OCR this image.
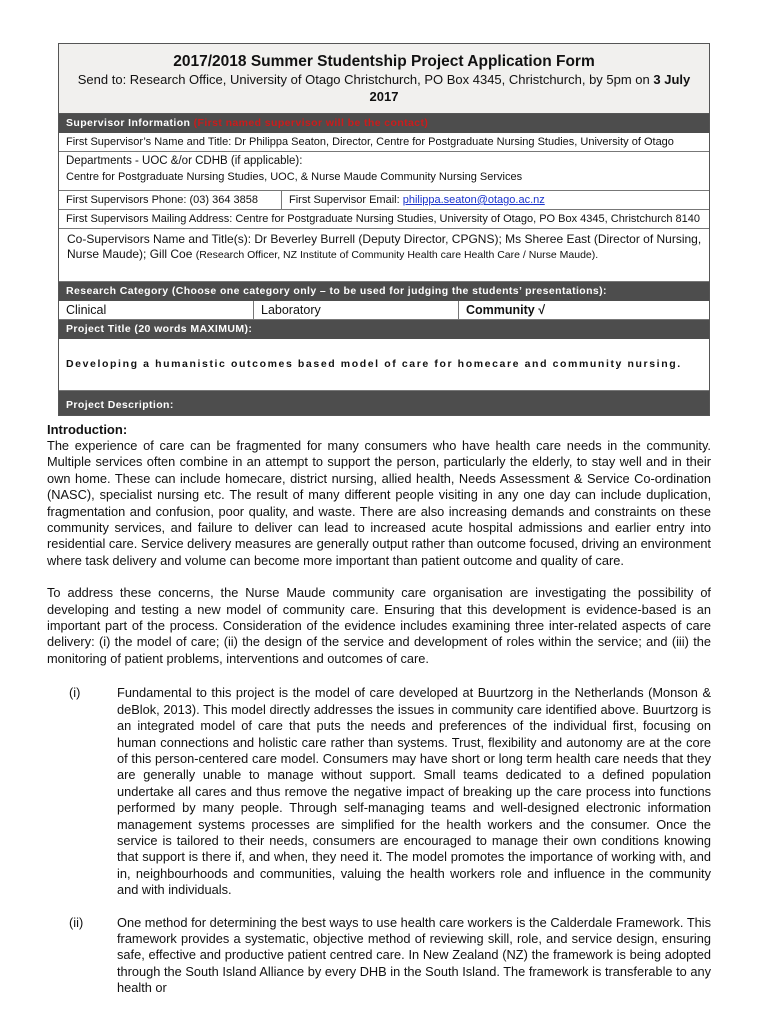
2017/2018 Summer Studentship Project Application Form
Send to: Research Office, University of Otago Christchurch, PO Box 4345, Christchurch, by 5pm on 3 July 2017
Supervisor Information (First named supervisor will be the contact)
First Supervisor’s Name and Title: Dr Philippa Seaton, Director, Centre for Postgraduate Nursing Studies, University of Otago
Departments - UOC &/or CDHB (if applicable):
Centre for Postgraduate Nursing Studies, UOC, & Nurse Maude Community Nursing Services
First Supervisors Phone: (03) 364 3858	First Supervisor Email: philippa.seaton@otago.ac.nz
First Supervisors Mailing Address: Centre for Postgraduate Nursing Studies, University of Otago, PO Box 4345, Christchurch 8140
Co-Supervisors Name and Title(s): Dr Beverley Burrell (Deputy Director, CPGNS); Ms Sheree East (Director of Nursing, Nurse Maude); Gill Coe (Research Officer, NZ Institute of Community Health care Health Care / Nurse Maude).
Research Category (Choose one category only – to be used for judging the students’ presentations):
Clinical	Laboratory	Community √
Project Title (20 words MAXIMUM):
Developing a humanistic outcomes based model of care for homecare and community nursing.
Project Description:
Introduction:

The experience of care can be fragmented for many consumers who have health care needs in the community. Multiple services often combine in an attempt to support the person, particularly the elderly, to stay well and in their own home. These can include homecare, district nursing, allied health, Needs Assessment & Service Co-ordination (NASC), specialist nursing etc. The result of many different people visiting in any one day can include duplication, fragmentation and confusion, poor quality, and waste. There are also increasing demands and constraints on these community services, and failure to deliver can lead to increased acute hospital admissions and earlier entry into residential care. Service delivery measures are generally output rather than outcome focused, driving an environment where task delivery and volume can become more important than patient outcome and quality of care.

To address these concerns, the Nurse Maude community care organisation are investigating the possibility of developing and testing a new model of community care. Ensuring that this development is evidence-based is an important part of the process. Consideration of the evidence includes examining three inter-related aspects of care delivery: (i) the model of care; (ii) the design of the service and development of roles within the service; and (iii) the monitoring of patient problems, interventions and outcomes of care.

(i)	Fundamental to this project is the model of care developed at Buurtzorg in the Netherlands (Monson & deBlok, 2013). This model directly addresses the issues in community care identified above. Buurtzorg is an integrated model of care that puts the needs and preferences of the individual first, focusing on human connections and holistic care rather than systems. Trust, flexibility and autonomy are at the core of this person-centered care model. Consumers may have short or long term health care needs that they are generally unable to manage without support. Small teams dedicated to a defined population undertake all cares and thus remove the negative impact of breaking up the care process into functions performed by many people. Through self-managing teams and well-designed electronic information management systems processes are simplified for the health workers and the consumer. Once the service is tailored to their needs, consumers are encouraged to manage their own conditions knowing that support is there if, and when, they need it. The model promotes the importance of working with, and in, neighbourhoods and communities, valuing the health workers role and influence in the community and with individuals.
(ii)	One method for determining the best ways to use health care workers is the Calderdale Framework. This framework provides a systematic, objective method of reviewing skill, role, and service design, ensuring safe, effective and productive patient centred care. In New Zealand (NZ) the framework is being adopted through the South Island Alliance by every DHB in the South Island. The framework is transferable to any health or
